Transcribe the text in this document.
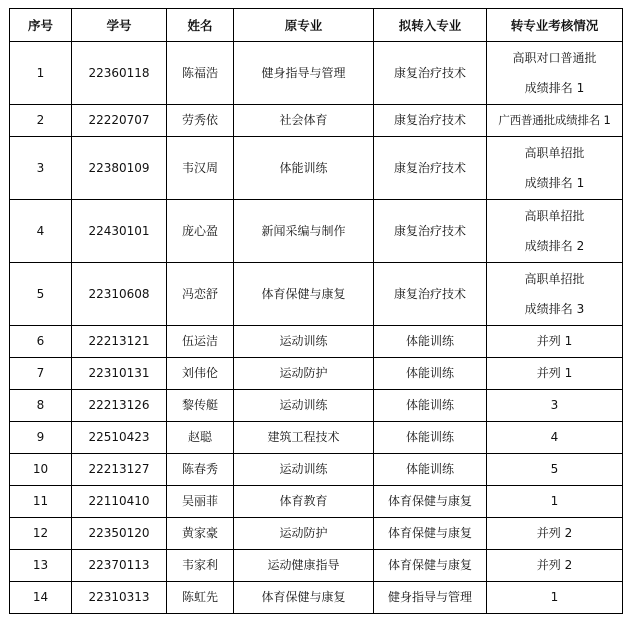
序号	学号	姓名	原专业	拟转入专业	转专业考核情况
1	22360118	陈福浩	健身指导与管理	康复治疗技术	高职对口普通批
成绩排名 1

2	22220707	劳秀依	社会体育	康复治疗技术	广西普通批成绩排名 1
3	22380109	韦汉周	体能训练	康复治疗技术	高职单招批
成绩排名 1

4	22430101	庞心盈	新闻采编与制作	康复治疗技术	高职单招批
成绩排名 2

5	22310608	冯恋舒	体育保健与康复	康复治疗技术	高职单招批
成绩排名 3

6	22213121	伍运洁	运动训练	体能训练	并列 1
7	22310131	刘伟伦	运动防护	体能训练	并列 1
8	22213126	黎传艇	运动训练	体能训练	3
9	22510423	赵聪	建筑工程技术	体能训练	4
10	22213127	陈春秀	运动训练	体能训练	5
11	22110410	吴丽菲	体育教育	体育保健与康复	1
12	22350120	黄家豪	运动防护	体育保健与康复	并列 2
13	22370113	韦家利	运动健康指导	体育保健与康复	并列 2
14	22310313	陈虹先	体育保健与康复	健身指导与管理	1
